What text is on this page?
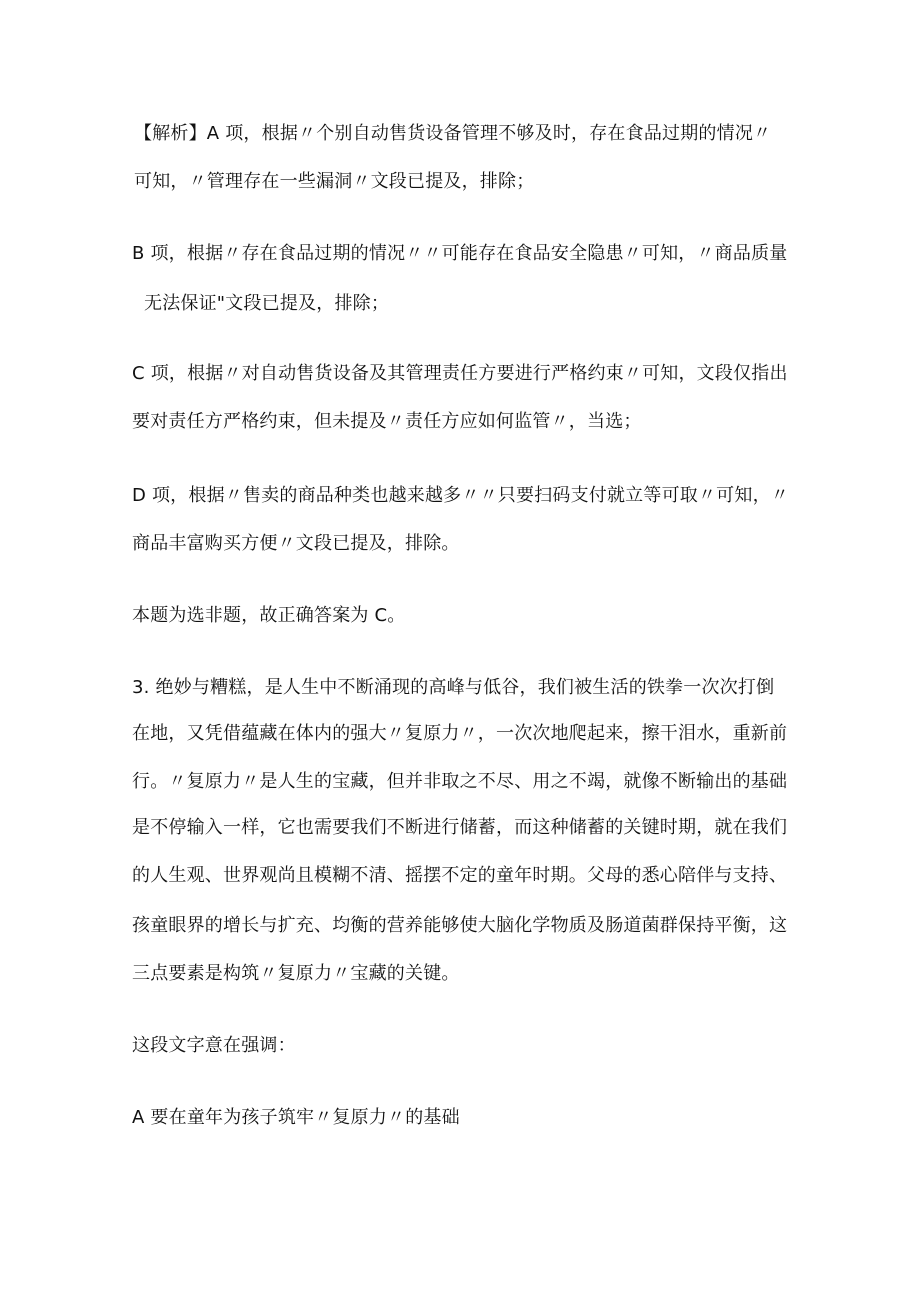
【解析】A 项，根据〃个别自动售货设备管理不够及时，存在食品过期的情况〃
可知，〃管理存在一些漏洞〃文段已提及，排除；
B 项，根据〃存在食品过期的情况〃〃可能存在食品安全隐患〃可知，〃商品质量
无法保证"文段已提及，排除；
C 项，根据〃对自动售货设备及其管理责任方要进行严格约束〃可知，文段仅指出
要对责任方严格约束，但未提及〃责任方应如何监管〃，当选；
D 项，根据〃售卖的商品种类也越来越多〃〃只要扫码支付就立等可取〃可知，〃
商品丰富购买方便〃文段已提及，排除。
本题为选非题，故正确答案为 C。
3. 绝妙与糟糕，是人生中不断涌现的高峰与低谷，我们被生活的铁拳一次次打倒
在地，又凭借蕴藏在体内的强大〃复原力〃，一次次地爬起来，擦干泪水，重新前
行。〃复原力〃是人生的宝藏，但并非取之不尽、用之不竭，就像不断输出的基础
是不停输入一样，它也需要我们不断进行储蓄，而这种储蓄的关键时期，就在我们
的人生观、世界观尚且模糊不清、摇摆不定的童年时期。父母的悉心陪伴与支持、
孩童眼界的增长与扩充、均衡的营养能够使大脑化学物质及肠道菌群保持平衡，这
三点要素是构筑〃复原力〃宝藏的关键。
这段文字意在强调：
A 要在童年为孩子筑牢〃复原力〃的基础
